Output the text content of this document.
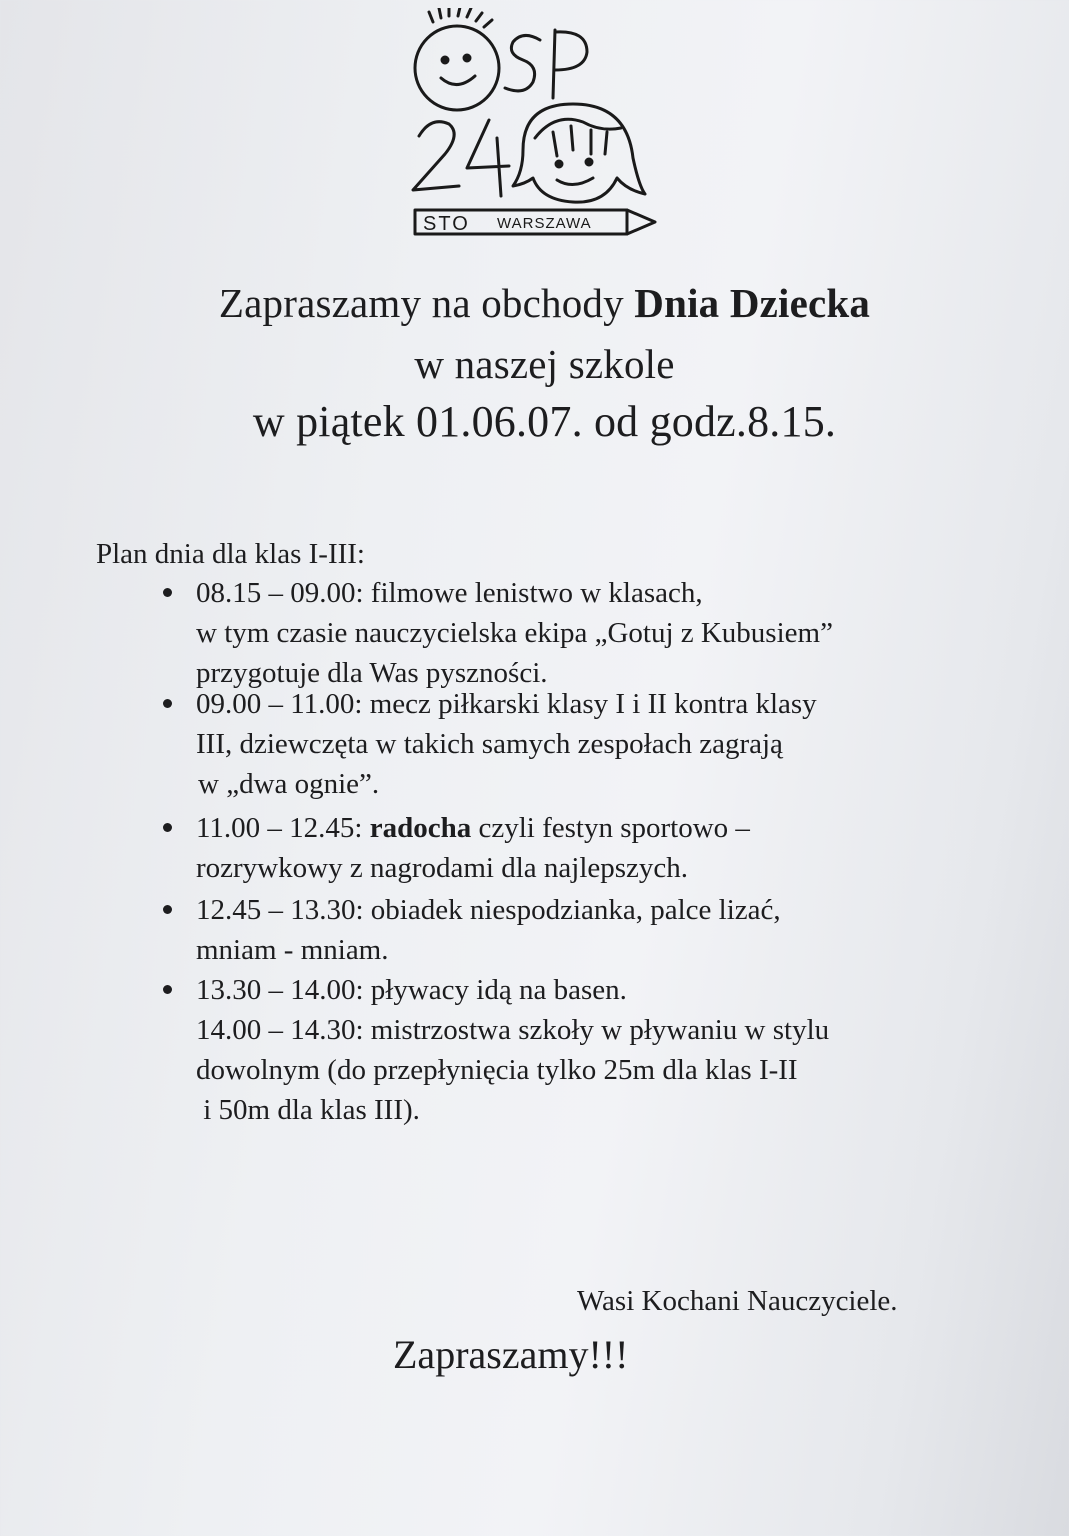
STO WARSZAWA
Zapraszamy na obchody Dnia Dziecka
w naszej szkole
w piątek 01.06.07. od godz.8.15.
Plan dnia dla klas I-III:
08.15 – 09.00: filmowe lenistwo w klasach,
w tym czasie nauczycielska ekipa „Gotuj z Kubusiem”
przygotuje dla Was pyszności.
09.00 – 11.00: mecz piłkarski klasy I i II kontra klasy
III, dziewczęta w takich samych zespołach zagrają
w „dwa ognie”.
11.00 – 12.45: radocha czyli festyn sportowo –
rozrywkowy z nagrodami dla najlepszych.
12.45 – 13.30: obiadek niespodzianka, palce lizać,
mniam - mniam.
13.30 – 14.00: pływacy idą na basen.
14.00 – 14.30: mistrzostwa szkoły w pływaniu w stylu
dowolnym (do przepłynięcia tylko 25m dla klas I-II
i 50m dla klas III).
Wasi Kochani Nauczyciele.
Zapraszamy!!!
